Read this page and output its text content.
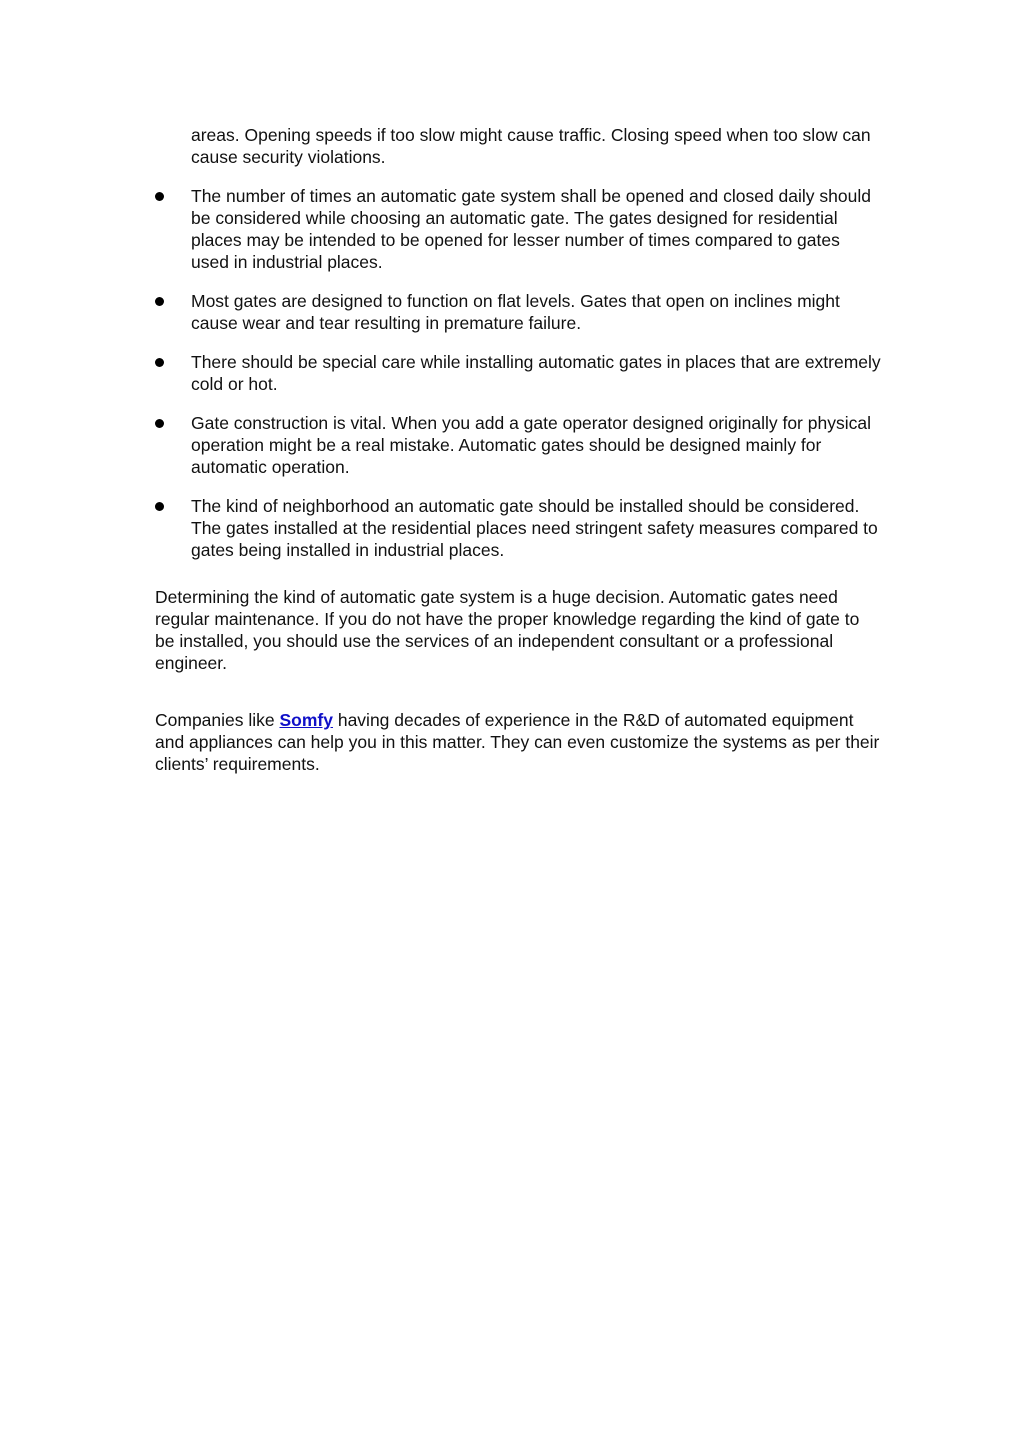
areas. Opening speeds if too slow might cause traffic. Closing speed when too slow can cause security violations.

The number of times an automatic gate system shall be opened and closed daily should be considered while choosing an automatic gate. The gates designed for residential places may be intended to be opened for lesser number of times compared to gates used in industrial places.
Most gates are designed to function on flat levels. Gates that open on inclines might cause wear and tear resulting in premature failure.
There should be special care while installing automatic gates in places that are extremely cold or hot.
Gate construction is vital. When you add a gate operator designed originally for physical operation might be a real mistake. Automatic gates should be designed mainly for automatic operation.
The kind of neighborhood an automatic gate should be installed should be considered. The gates installed at the residential places need stringent safety measures compared to gates being installed in industrial places.

Determining the kind of automatic gate system is a huge decision. Automatic gates need regular maintenance. If you do not have the proper knowledge regarding the kind of gate to be installed, you should use the services of an independent consultant or a professional engineer.

Companies like Somfy having decades of experience in the R&D of automated equipment and appliances can help you in this matter. They can even customize the systems as per their clients’ requirements.
